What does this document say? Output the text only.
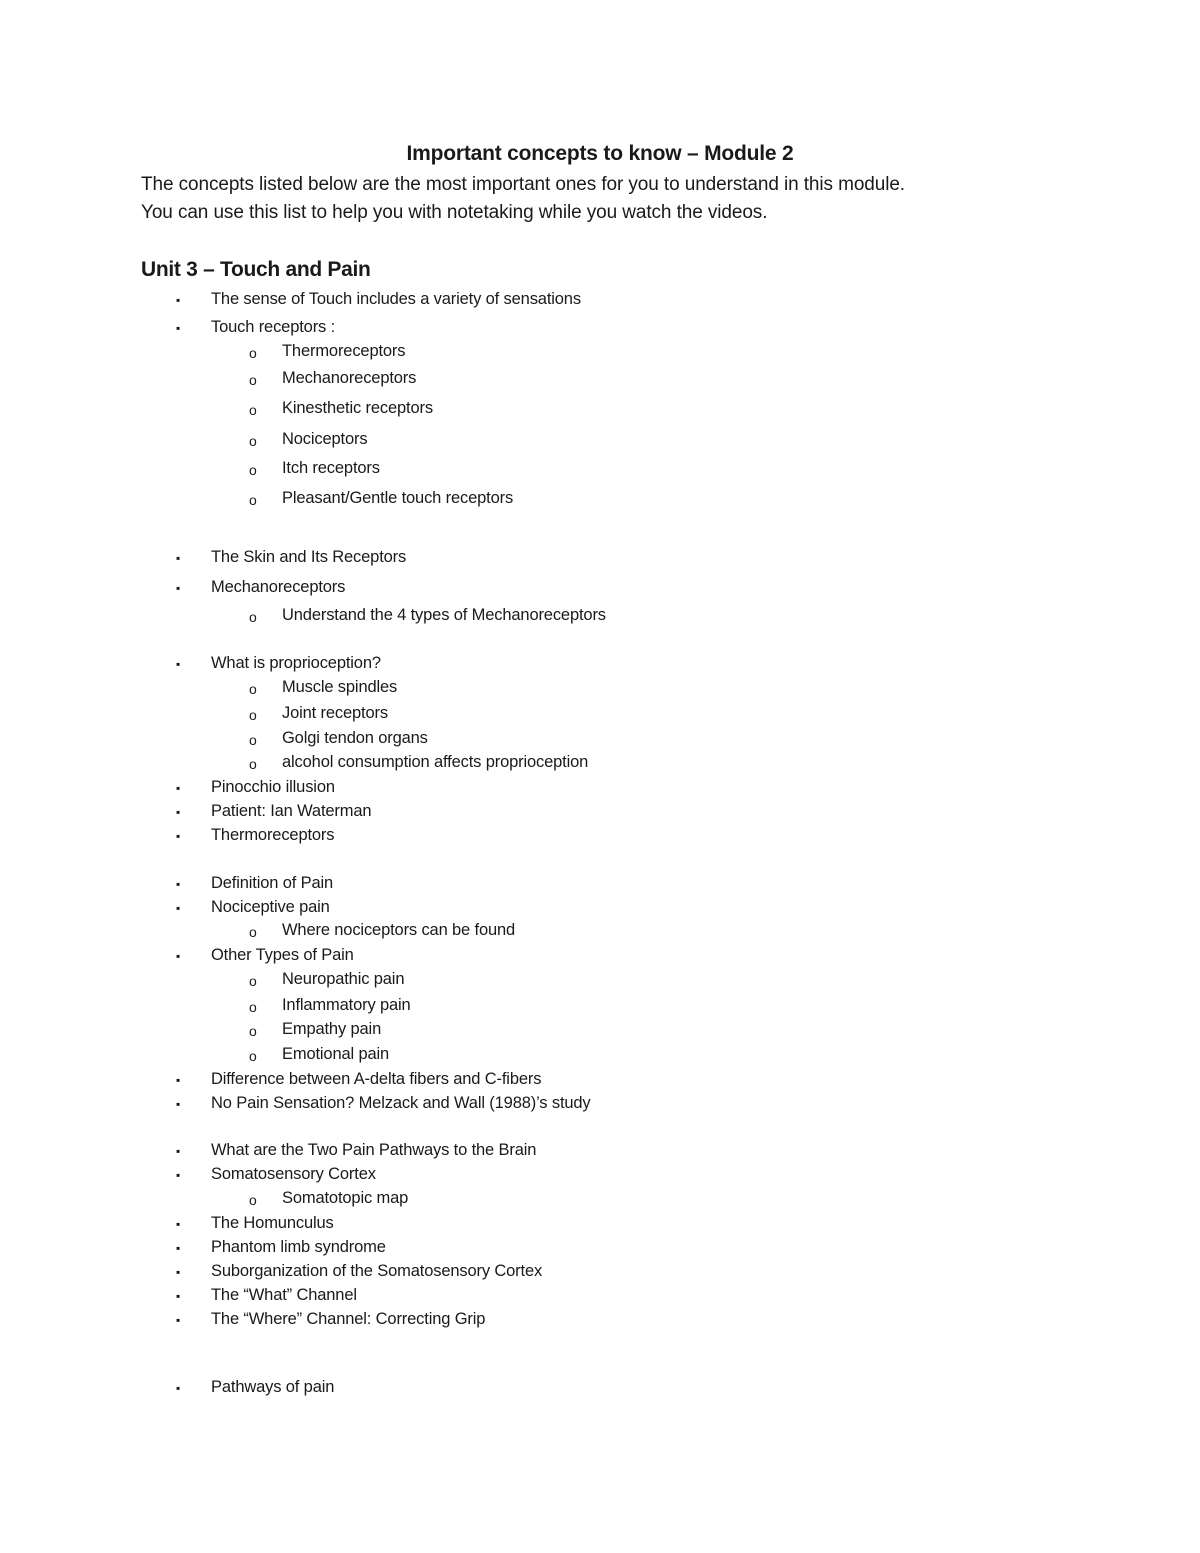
Important concepts to know – Module 2
The concepts listed below are the most important ones for you to understand in this module.
You can use this list to help you with notetaking while you watch the videos.
Unit 3 – Touch and Pain
▪ The sense of Touch includes a variety of sensations
▪ Touch receptors :
o Thermoreceptors
o Mechanoreceptors
o Kinesthetic receptors
o Nociceptors
o Itch receptors
o Pleasant/Gentle touch receptors
▪ The Skin and Its Receptors
▪ Mechanoreceptors
o Understand the 4 types of Mechanoreceptors
▪ What is proprioception?
o Muscle spindles
o Joint receptors
o Golgi tendon organs
o alcohol consumption affects proprioception
▪ Pinocchio illusion
▪ Patient: Ian Waterman
▪ Thermoreceptors
▪ Definition of Pain
▪ Nociceptive pain
o Where nociceptors can be found
▪ Other Types of Pain
o Neuropathic pain
o Inflammatory pain
o Empathy pain
o Emotional pain
▪ Difference between A-delta fibers and C-fibers
▪ No Pain Sensation? Melzack and Wall (1988)’s study
▪ What are the Two Pain Pathways to the Brain
▪ Somatosensory Cortex
o Somatotopic map
▪ The Homunculus
▪ Phantom limb syndrome
▪ Suborganization of the Somatosensory Cortex
▪ The “What” Channel
▪ The “Where” Channel: Correcting Grip
▪ Pathways of pain
